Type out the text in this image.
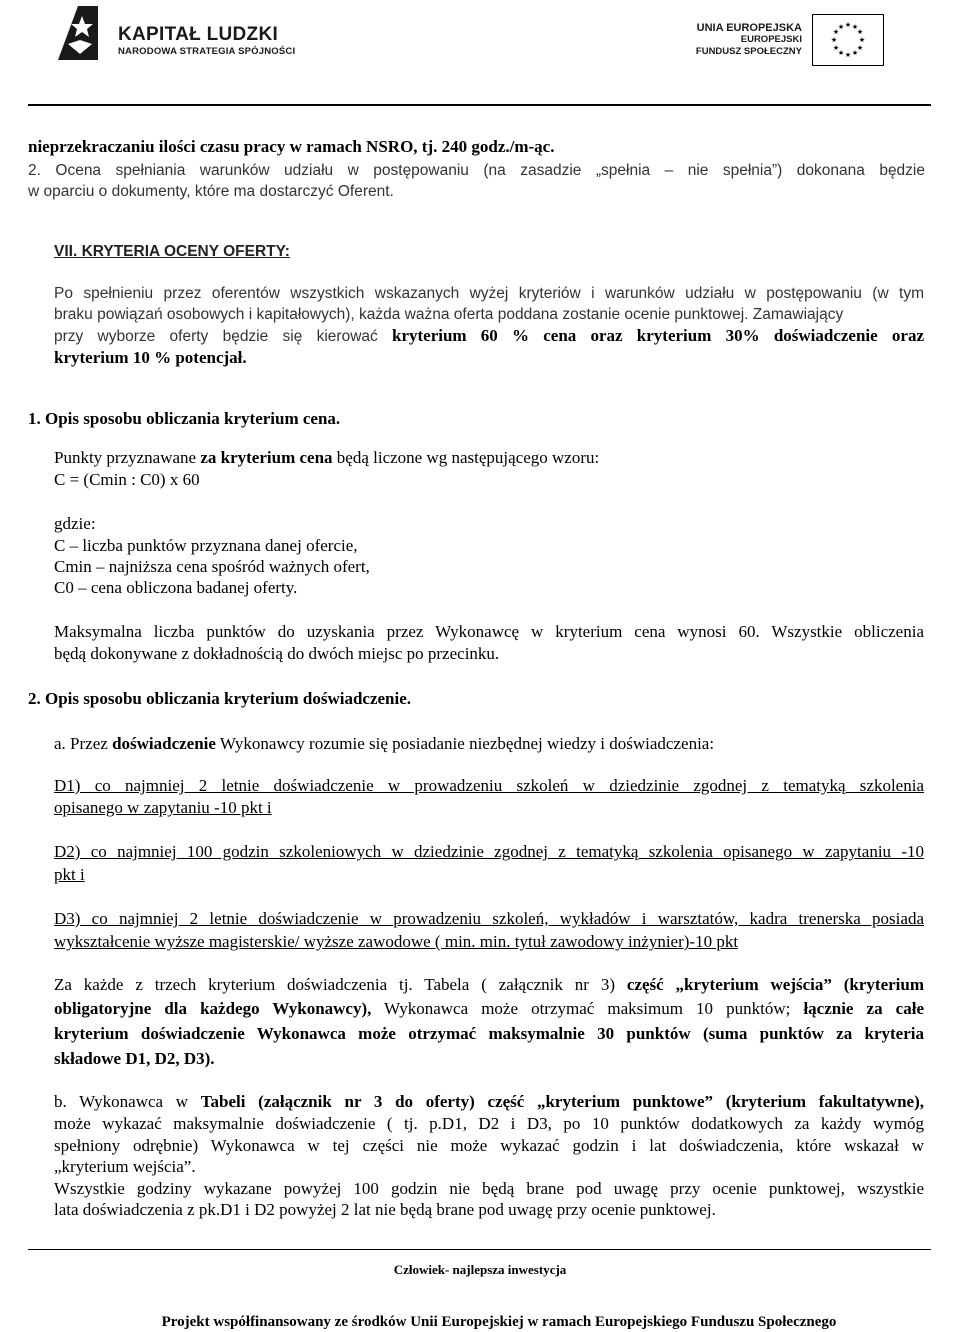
KAPITAŁ LUDZKI
NARODOWA STRATEGIA SPÓJNOŚCI
UNIA EUROPEJSKA
EUROPEJSKI
FUNDUSZ SPOŁECZNY
★ ★
★
★
★
★
★
★
★
★
★
★
nieprzekraczaniu ilości czasu pracy w ramach NSRO, tj. 240 godz./m-ąc.
2. Ocena spełniania warunków udziału w postępowaniu (na zasadzie „spełnia – nie spełnia”) dokonana będzie
w oparciu o dokumenty, które ma dostarczyć Oferent.
VII. KRYTERIA OCENY OFERTY:
Po spełnieniu przez oferentów wszystkich wskazanych wyżej kryteriów i warunków udziału w postępowaniu (w tym
braku powiązań osobowych i kapitałowych), każda ważna oferta poddana zostanie ocenie punktowej. Zamawiający
przy wyborze oferty będzie się kierować kryterium 60 % cena oraz kryterium 30% doświadczenie oraz
kryterium 10 % potencjał.
1. Opis sposobu obliczania kryterium cena.
Punkty przyznawane za kryterium cena będą liczone wg następującego wzoru:
C = (Cmin : C0) x 60
gdzie:
C – liczba punktów przyznana danej ofercie,
Cmin – najniższa cena spośród ważnych ofert,
C0 – cena obliczona badanej oferty.
Maksymalna liczba punktów do uzyskania przez Wykonawcę w kryterium cena wynosi 60. Wszystkie obliczenia
będą dokonywane z dokładnością do dwóch miejsc po przecinku.
2. Opis sposobu obliczania kryterium doświadczenie.
a. Przez doświadczenie Wykonawcy rozumie się posiadanie niezbędnej wiedzy i doświadczenia:
D1) co najmniej 2 letnie doświadczenie w prowadzeniu szkoleń w dziedzinie zgodnej z tematyką szkolenia
opisanego w zapytaniu -10 pkt i
D2) co najmniej 100 godzin szkoleniowych w dziedzinie zgodnej z tematyką szkolenia opisanego w zapytaniu -10
pkt i
D3) co najmniej 2 letnie doświadczenie w prowadzeniu szkoleń, wykładów i warsztatów, kadra trenerska posiada
wykształcenie wyższe magisterskie/ wyższe zawodowe ( min. min. tytuł zawodowy inżynier)-10 pkt
Za każde z trzech kryterium doświadczenia tj. Tabela ( załącznik nr 3) część „kryterium wejścia” (kryterium
obligatoryjne dla każdego Wykonawcy), Wykonawca może otrzymać maksimum 10 punktów; łącznie za całe
kryterium doświadczenie Wykonawca może otrzymać maksymalnie 30 punktów (suma punktów za kryteria
składowe D1, D2, D3).
b. Wykonawca w Tabeli (załącznik nr 3 do oferty) część „kryterium punktowe” (kryterium fakultatywne),
może wykazać maksymalnie doświadczenie ( tj. p.D1, D2 i D3, po 10 punktów dodatkowych za każdy wymóg
spełniony odrębnie) Wykonawca w tej części nie może wykazać godzin i lat doświadczenia, które wskazał w
„kryterium wejścia”.
Wszystkie godziny wykazane powyżej 100 godzin nie będą brane pod uwagę przy ocenie punktowej, wszystkie
lata doświadczenia z pk.D1 i D2 powyżej 2 lat nie będą brane pod uwagę przy ocenie punktowej.
Człowiek- najlepsza inwestycja
Projekt współfinansowany ze środków Unii Europejskiej w ramach Europejskiego Funduszu Społecznego
